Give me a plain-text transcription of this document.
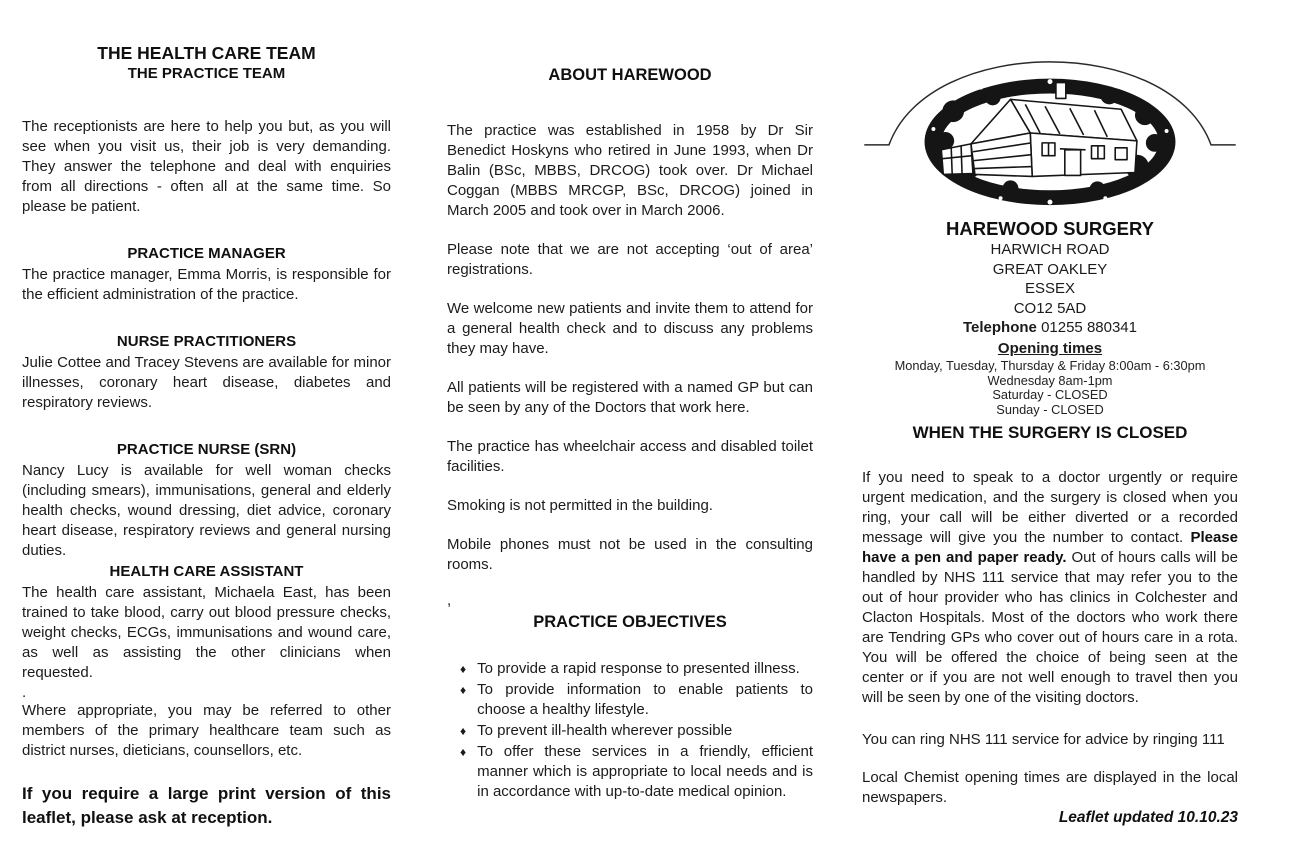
THE HEALTH CARE TEAM
THE PRACTICE TEAM

The receptionists are here to help you but, as you will see when you visit us, their job is very demanding. They answer the telephone and deal with enquiries from all directions - often all at the same time. So please be patient.

PRACTICE MANAGER

The practice manager, Emma Morris, is responsible for the efficient administration of the practice.

NURSE PRACTITIONERS

Julie Cottee and Tracey Stevens are available for minor illnesses, coronary heart disease, diabetes and respiratory reviews.

PRACTICE NURSE (SRN)

Nancy Lucy is available for well woman checks (including smears), immunisations, general and elderly health checks, wound dressing, diet advice, coronary heart disease, respiratory reviews and general nursing duties.

HEALTH CARE ASSISTANT

The health care assistant, Michaela East, has been trained to take blood, carry out blood pressure checks, weight checks, ECGs, immunisations and wound care, as well as assisting the other clinicians when requested.

.

Where appropriate, you may be referred to other members of the primary healthcare team such as district nurses, dieticians, counsellors, etc.

If you require a large print version of this leaflet, please ask at reception.

ABOUT HAREWOOD

The practice was established in 1958 by Dr Sir Benedict Hoskyns who retired in June 1993, when Dr Balin (BSc, MBBS, DRCOG) took over. Dr Michael Coggan (MBBS MRCGP, BSc, DRCOG) joined in March 2005 and took over in March 2006.

Please note that we are not accepting ‘out of area’ registrations.

We welcome new patients and invite them to attend for a general health check and to discuss any problems they may have.

All patients will be registered with a named GP but can be seen by any of the Doctors that work here.

The practice has wheelchair access and disabled toilet facilities.

Smoking is not permitted in the building.

Mobile phones must not be used in the consulting rooms.

,
PRACTICE OBJECTIVES
♦ To provide a rapid response to presented illness.
♦ To provide information to enable patients to choose a healthy lifestyle.
♦ To prevent ill-health wherever possible
♦ To offer these services in a friendly, efficient manner which is appropriate to local needs and is in accordance with up-to-date medical opinion.
HAREWOOD SURGERY
HARWICH ROAD
GREAT OAKLEY
ESSEX
CO12 5AD
Telephone 01255 880341
Opening times
Monday, Tuesday, Thursday & Friday 8:00am - 6:30pm
Wednesday 8am-1pm
Saturday - CLOSED
Sunday - CLOSED
WHEN THE SURGERY IS CLOSED

If you need to speak to a doctor urgently or require urgent medication, and the surgery is closed when you ring, your call will be either diverted or a recorded message will give you the number to contact. Please have a pen and paper ready. Out of hours calls will be handled by NHS 111 service that may refer you to the out of hour provider who has clinics in Colchester and Clacton Hospitals. Most of the doctors who work there are Tendring GPs who cover out of hours care in a rota. You will be offered the choice of being seen at the center or if you are not well enough to travel then you will be seen by one of the visiting doctors.

You can ring NHS 111 service for advice by ringing 111

Local Chemist opening times are displayed in the local newspapers.

Leaflet updated 10.10.23
